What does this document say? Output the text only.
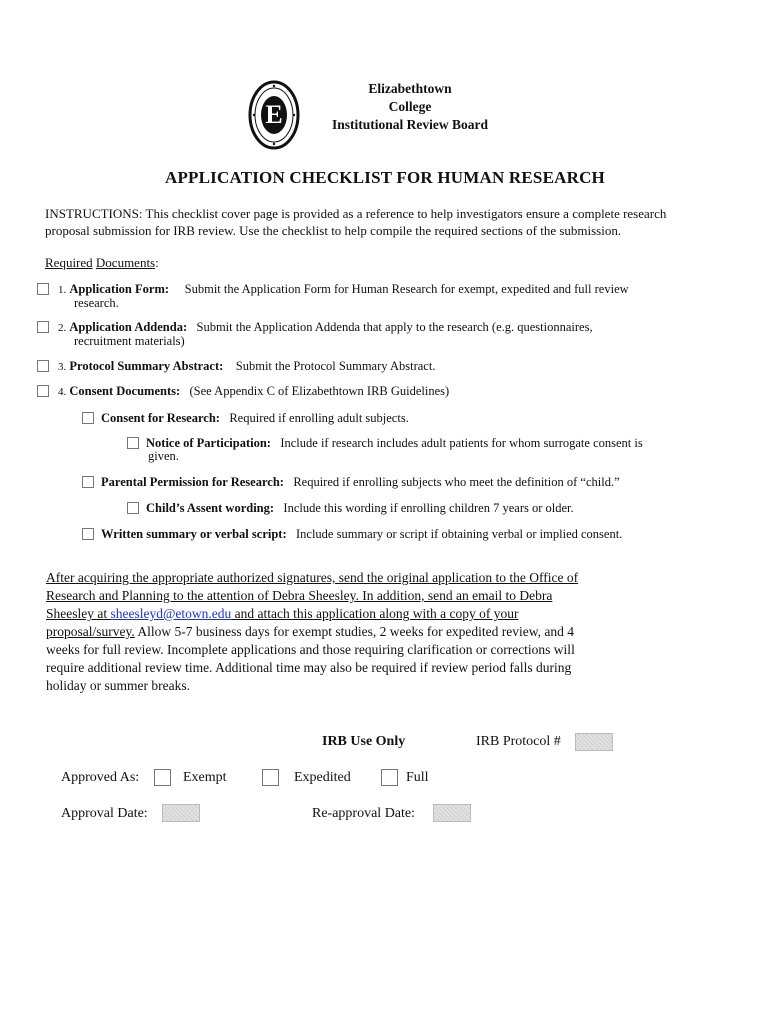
E
Elizabethtown
College
Institutional Review Board
APPLICATION CHECKLIST FOR HUMAN RESEARCH
INSTRUCTIONS: This checklist cover page is provided as a reference to help investigators ensure a complete research
proposal submission for IRB review. Use the checklist to help compile the required sections of the submission.
Required Documents:
1. Application Form: Submit the Application Form for Human Research for exempt, expedited and full review
research.
2. Application Addenda: Submit the Application Addenda that apply to the research (e.g. questionnaires,
recruitment materials)
3. Protocol Summary Abstract: Submit the Protocol Summary Abstract.
4. Consent Documents: (See Appendix C of Elizabethtown IRB Guidelines)
Consent for Research: Required if enrolling adult subjects.
Notice of Participation: Include if research includes adult patients for whom surrogate consent is
given.
Parental Permission for Research: Required if enrolling subjects who meet the definition of “child.”
Child’s Assent wording: Include this wording if enrolling children 7 years or older.
Written summary or verbal script: Include summary or script if obtaining verbal or implied consent.
After acquiring the appropriate authorized signatures, send the original application to the Office of
Research and Planning to the attention of Debra Sheesley. In addition, send an email to Debra
Sheesley at sheesleyd@etown.edu and attach this application along with a copy of your
proposal/survey. Allow 5-7 business days for exempt studies, 2 weeks for expedited review, and 4
weeks for full review. Incomplete applications and those requiring clarification or corrections will
require additional review time. Additional time may also be required if review period falls during
holiday or summer breaks.
IRB Use Only	IRB Protocol #
Approved As:	Exempt	Expedited	Full
Approval Date:	Re-approval Date:
